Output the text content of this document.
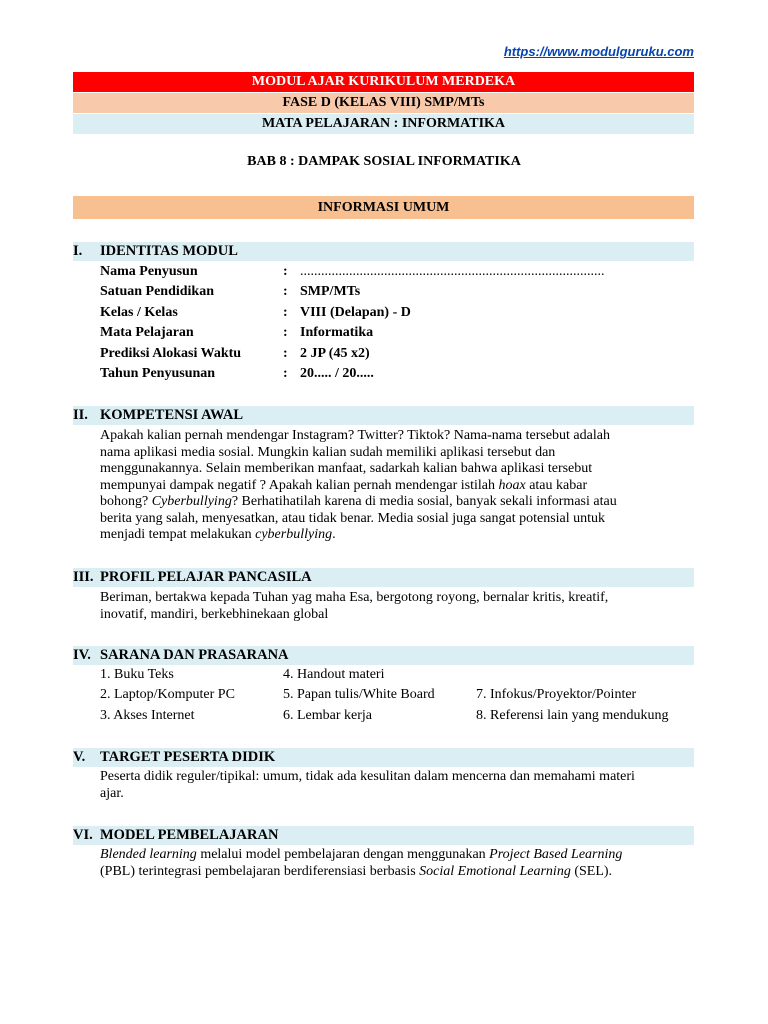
https://www.modulguruku.com
MODUL AJAR KURIKULUM MERDEKA
FASE D (KELAS VIII) SMP/MTs
MATA PELAJARAN : INFORMATIKA
BAB 8 : DAMPAK SOSIAL INFORMATIKA
INFORMASI UMUM
I. IDENTITAS MODUL
Nama Penyusun	: .......................................................................................
Satuan Pendidikan	: SMP/MTs
Kelas / Kelas	: VIII (Delapan) - D
Mata Pelajaran	: Informatika
Prediksi Alokasi Waktu	: 2 JP (45 x2)
Tahun Penyusunan	: 20..... / 20.....
II. KOMPETENSI AWAL

Apakah kalian pernah mendengar Instagram? Twitter? Tiktok? Nama-nama tersebut adalah

nama aplikasi media sosial. Mungkin kalian sudah memiliki aplikasi tersebut dan

menggunakannya. Selain memberikan manfaat, sadarkah kalian bahwa aplikasi tersebut

mempunyai dampak negatif ? Apakah kalian pernah mendengar istilah hoax atau kabar

bohong? Cyberbullying? Berhatihatilah karena di media sosial, banyak sekali informasi atau

berita yang salah, menyesatkan, atau tidak benar. Media sosial juga sangat potensial untuk

menjadi tempat melakukan cyberbullying.

III. PROFIL PELAJAR PANCASILA

Beriman, bertakwa kepada Tuhan yag maha Esa, bergotong royong, bernalar kritis, kreatif,

inovatif, mandiri, berkebhinekaan global

IV. SARANA DAN PRASARANA
1. Buku Teks
2. Laptop/Komputer PC
3. Akses Internet
4. Handout materi
5. Papan tulis/White Board
6. Lembar kerja
7. Infokus/Proyektor/Pointer
8. Referensi lain yang mendukung
V. TARGET PESERTA DIDIK

Peserta didik reguler/tipikal: umum, tidak ada kesulitan dalam mencerna dan memahami materi

ajar.

VI. MODEL PEMBELAJARAN

Blended learning melalui model pembelajaran dengan menggunakan Project Based Learning

(PBL) terintegrasi pembelajaran berdiferensiasi berbasis Social Emotional Learning (SEL).
